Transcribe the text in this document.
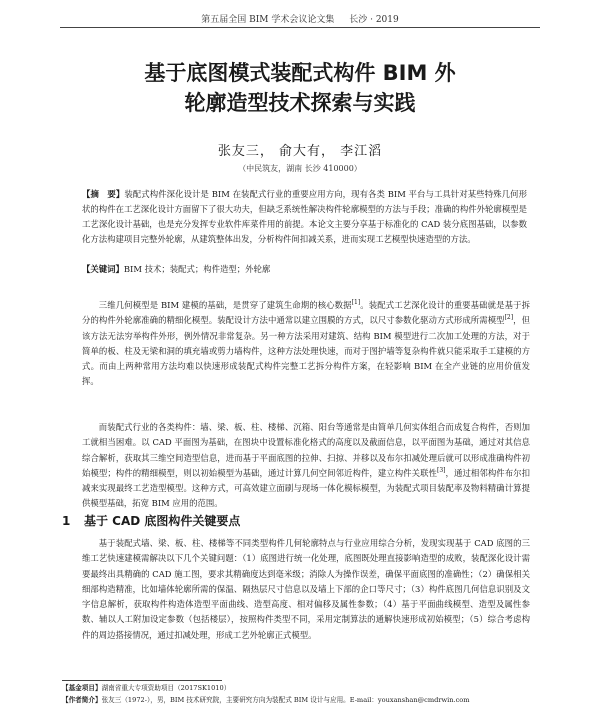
第五届全国 BIM 学术会议论文集 长沙 · 2019
基于底图模式装配式构件 BIM 外
轮廓造型技术探索与实践
张友三， 俞大有， 李江滔
（中民筑友，湖南 长沙 410000）
【摘　要】装配式构件深化设计是 BIM 在装配式行业的重要应用方向，现有各类 BIM 平台与工具针对某些特殊几何形状的构件在工艺深化设计方面留下了很大功夫，但缺乏系统性解决构件轮廓模型的方法与手段；准确的构件外轮廓模型是工艺深化设计基础，也是充分发挥专业软件库菜件用的前提。本论文主要分享基于标准化的 CAD 装分底图基础，以参数化方法构建项目完整外轮廓，从建筑整体出发，分析构件间扣减关系，进而实现工艺模型快速造型的方法。
【关键词】BIM 技术；装配式；构件造型；外轮廓
三维几何模型是 BIM 建模的基础，是贯穿了建筑生命期的核心数据[1]。装配式工艺深化设计的重要基础就是基于拆分的构件外轮廓准确的精细化模型。装配设计方法中通常以建立围膜的方式，以尺寸参数化驱动方式形成所需模型[2]，但该方法无法穷举构件外形，例外情况非常复杂。另一种方法采用对建筑、结构 BIM 模型进行二次加工处理的方法，对于简单的板、柱及无梁和洞的填充墙或剪力墙构件，这种方法处理快速，而对于图护墙等复杂构件就只能采取手工建模的方式。而由上两种常用方法均难以快速形成装配式构件完整工艺拆分构件方案，在轻影响 BIM 在全产业链的应用价值发挥。
而装配式行业的各类构件：墙、梁、板、柱、楼梯、沉箱、阳台等通常是由简单几何实体组合而成复合构件，否则加工就相当困难。以 CAD 平面图为基础，在图块中设置标准化格式的高度以及截面信息，以平面图为基础，通过对其信息综合解析，获取其三维空间造型信息，进而基于平面底图的拉伸、扫掠、并移以及布尔扣减处理后就可以形成准确构件初始模型；构件的精细模型，则以初始模型为基础，通过计算几何空间邻近构件，建立构件关联性[3]，通过相邻构件布尔扣减来实现最终工艺造型模型。这种方式，可高效建立面刷与现场一体化模标模型，为装配式项目装配率及物料精确计算提供模型基础，拓宽 BIM 应用的范围。
1 基于 CAD 底图构件关键要点
基于装配式墙、梁、板、柱、楼梯等不同类型构件几何轮廓特点与行业应用综合分析，发现实现基于 CAD 底图的三维工艺快速建模需解决以下几个关键问题：（1）底图进行统一化处理，底图既处理直接影响造型的成败，装配深化设计需要最终出具精确的 CAD 施工图，要求其精确度达到毫米级；消除人为操作误差，确保平面底图的准确性；（2）确保相关细部构造精准，比如墙体轮廓所需的保温、隔热层尺寸信息以及墙上下部的企口等尺寸；（3）构件底图几何信息识别及文字信息解析，获取构件构造体造型平面曲线、造型高度、相对偏移及属性参数；（4）基于平面曲线模型、造型及属性参数、辅以人工附加设定参数（包括楼层），按照构件类型不同，采用定制算法的通解快速形成初始模型；（5）综合考虑构件的周边搭接情况，通过扣减处理，形成工艺外轮廓正式模型。
【基金项目】湖南省重大专项资助项目（2017SK1010）
【作者简介】张友三（1972-），男，BIM 技术研究院，主要研究方向为装配式 BIM 设计与应用。E-mail：youxanshan@cmdrwin.com
